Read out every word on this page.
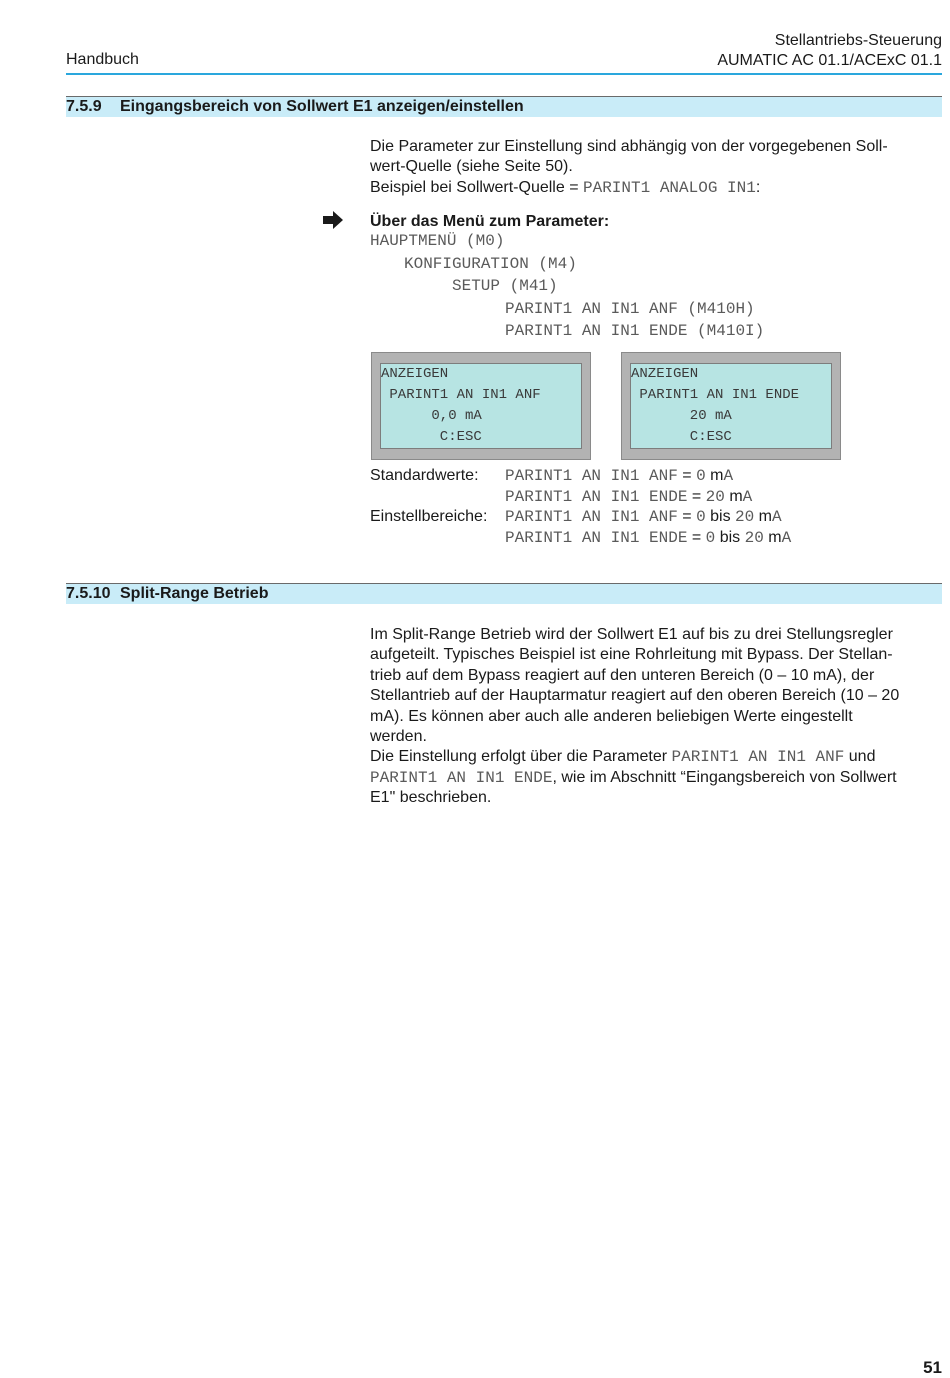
Handbuch
Stellantriebs-Steuerung
AUMATIC AC 01.1/ACExC 01.1
7.5.9 Eingangsbereich von Sollwert E1 anzeigen/einstellen
Die Parameter zur Einstellung sind abhängig von der vorgegebenen Soll-
wert-Quelle (siehe Seite 50).
Beispiel bei Sollwert-Quelle = PARINT1 ANALOG IN1:
Über das Menü zum Parameter:
HAUPTMENÜ (M0)
KONFIGURATION (M4)
SETUP (M41)
PARINT1 AN IN1 ANF (M410H)
PARINT1 AN IN1 ENDE (M410I)
ANZEIGEN
PARINT1 AN IN1 ANF
0,0 mA
C:ESC
ANZEIGEN
PARINT1 AN IN1 ENDE
20 mA
C:ESC
Standardwerte:	PARINT1 AN IN1 ANF = 0 mA
	PARINT1 AN IN1 ENDE = 20 mA
Einstellbereiche:	PARINT1 AN IN1 ANF = 0 bis 20 mA
	PARINT1 AN IN1 ENDE = 0 bis 20 mA
7.5.10 Split-Range Betrieb
Im Split-Range Betrieb wird der Sollwert E1 auf bis zu drei Stellungsregler
aufgeteilt. Typisches Beispiel ist eine Rohrleitung mit Bypass. Der Stellan-
trieb auf dem Bypass reagiert auf den unteren Bereich (0 – 10 mA), der
Stellantrieb auf der Hauptarmatur reagiert auf den oberen Bereich (10 – 20
mA). Es können aber auch alle anderen beliebigen Werte eingestellt
werden.
Die Einstellung erfolgt über die Parameter PARINT1 AN IN1 ANF und
PARINT1 AN IN1 ENDE, wie im Abschnitt “Eingangsbereich von Sollwert
E1" beschrieben.
51
